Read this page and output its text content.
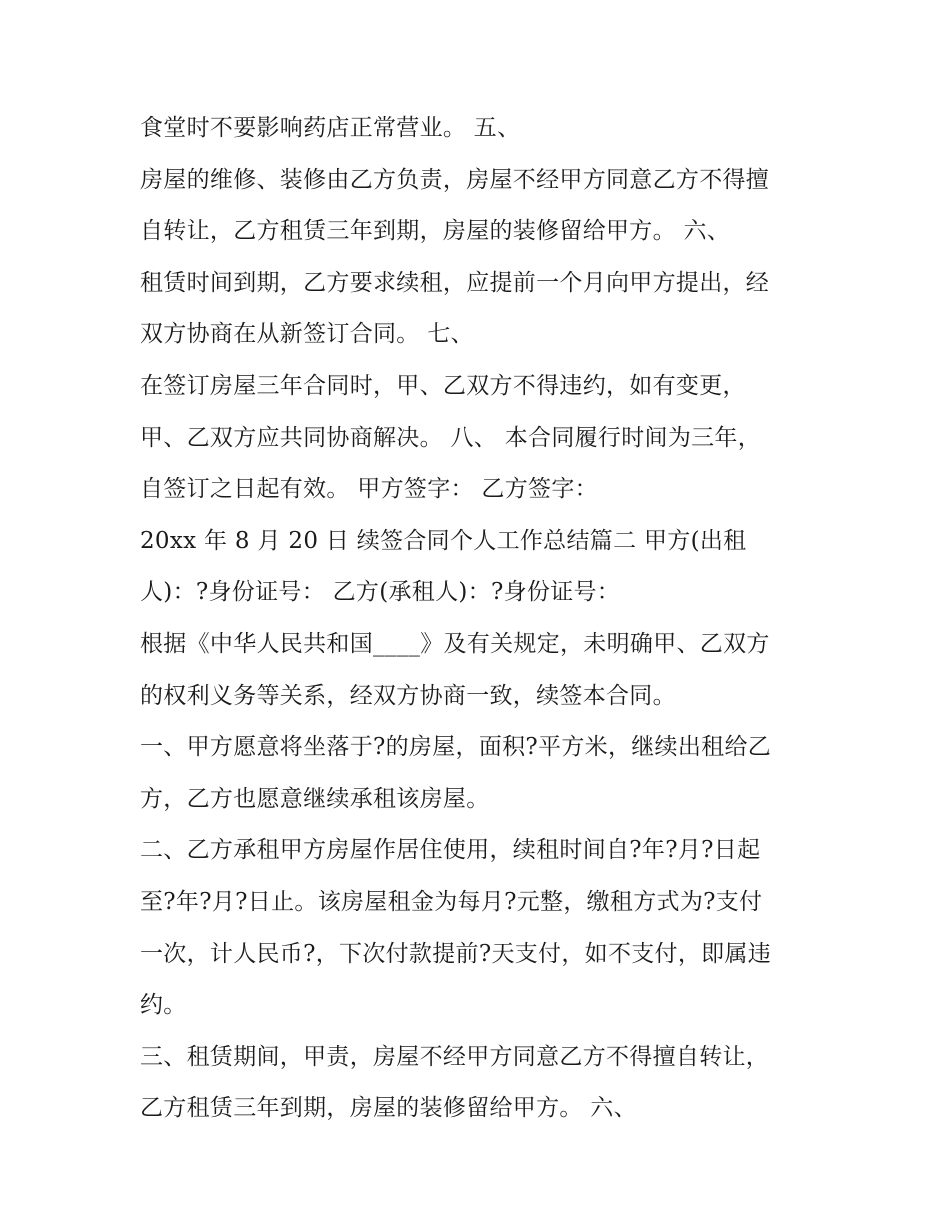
食堂时不要影响药店正常营业。 五、
房屋的维修、装修由乙方负责，房屋不经甲方同意乙方不得擅
自转让，乙方租赁三年到期，房屋的装修留给甲方。 六、
租赁时间到期，乙方要求续租，应提前一个月向甲方提出，经
双方协商在从新签订合同。 七、
在签订房屋三年合同时，甲、乙双方不得违约，如有变更，
甲、乙双方应共同协商解决。 八、 本合同履行时间为三年，
自签订之日起有效。 甲方签字： 乙方签字：
20xx 年 8 月 20 日 续签合同个人工作总结篇二 甲方(出租
人)：?身份证号： 乙方(承租人)：?身份证号：
根据《中华人民共和国____》及有关规定，未明确甲、乙双方
的权利义务等关系，经双方协商一致，续签本合同。
一、甲方愿意将坐落于?的房屋，面积?平方米，继续出租给乙
方，乙方也愿意继续承租该房屋。
二、乙方承租甲方房屋作居住使用，续租时间自?年?月?日起
至?年?月?日止。该房屋租金为每月?元整，缴租方式为?支付
一次，计人民币?，下次付款提前?天支付，如不支付，即属违
约。
三、租赁期间，甲责，房屋不经甲方同意乙方不得擅自转让，
乙方租赁三年到期，房屋的装修留给甲方。 六、
